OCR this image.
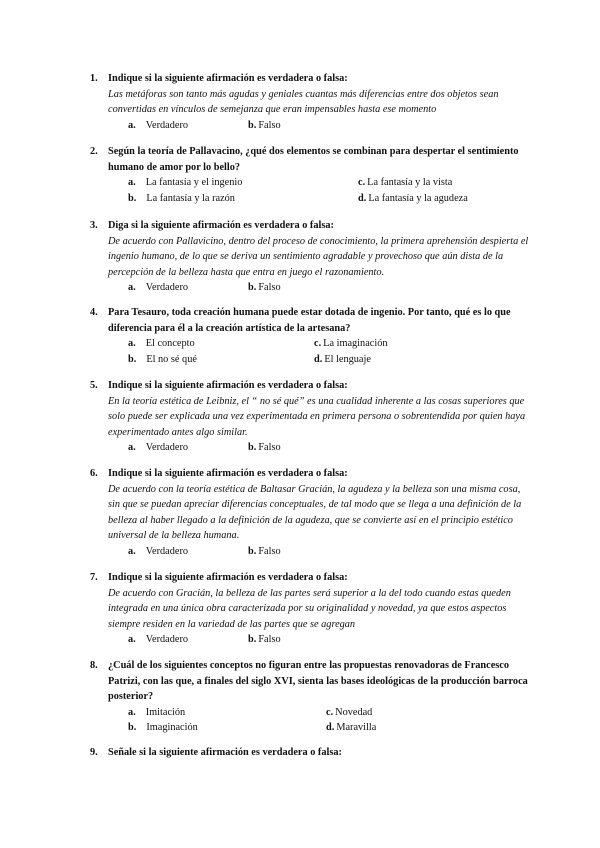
1. Indique si la siguiente afirmación es verdadera o falsa:
Las metáforas son tanto más agudas y geniales cuantas más diferencias entre dos objetos sean convertidas en vínculos de semejanza que eran impensables hasta ese momento
a. Verdadero	b. Falso
2. Según la teoría de Pallavacino, ¿qué dos elementos se combinan para despertar el sentimiento humano de amor por lo bello?
a. La fantasía y el ingenio
b. La fantasía y la razón
c. La fantasía y la vista
d. La fantasía y la agudeza
3. Diga si la siguiente afirmación es verdadera o falsa:
De acuerdo con Pallavicino, dentro del proceso de conocimiento, la primera aprehensión despierta el ingenio humano, de lo que se deriva un sentimiento agradable y provechoso que aún dista de la percepción de la belleza hasta que entra en juego el razonamiento.
a. Verdadero	b. Falso
4. Para Tesauro, toda creación humana puede estar dotada de ingenio. Por tanto, qué es lo que diferencia para él a la creación artística de la artesana?
a. El concepto
b. El no sé qué
c. La imaginación
d. El lenguaje
5. Indique si la siguiente afirmación es verdadera o falsa:
En la teoría estética de Leibniz, el “ no sé qué” es una cualidad inherente a las cosas superiores que solo puede ser explicada una vez experimentada en primera persona o sobrentendida por quien haya experimentado antes algo similar.
a. Verdadero	b. Falso
6. Indique si la siguiente afirmación es verdadera o falsa:
De acuerdo con la teoría estética de Baltasar Gracián, la agudeza y la belleza son una misma cosa, sin que se puedan apreciar diferencias conceptuales, de tal modo que se llega a una definición de la belleza al haber llegado a la definición de la agudeza, que se convierte así en el principio estético universal de la belleza humana.
a. Verdadero	b. Falso
7. Indique si la siguiente afirmación es verdadera o falsa:
De acuerdo con Gracián, la belleza de las partes será superior a la del todo cuando estas queden integrada en una única obra caracterizada por su originalidad y novedad, ya que estos aspectos siempre residen en la variedad de las partes que se agregan
a. Verdadero	b. Falso
8. ¿Cuál de los siguientes conceptos no figuran entre las propuestas renovadoras de Francesco Patrizi, con las que, a finales del siglo XVI, sienta las bases ideológicas de la producción barroca posterior?
a. Imitación
b. Imaginación
c. Novedad
d. Maravilla
9. Señale si la siguiente afirmación es verdadera o falsa:
